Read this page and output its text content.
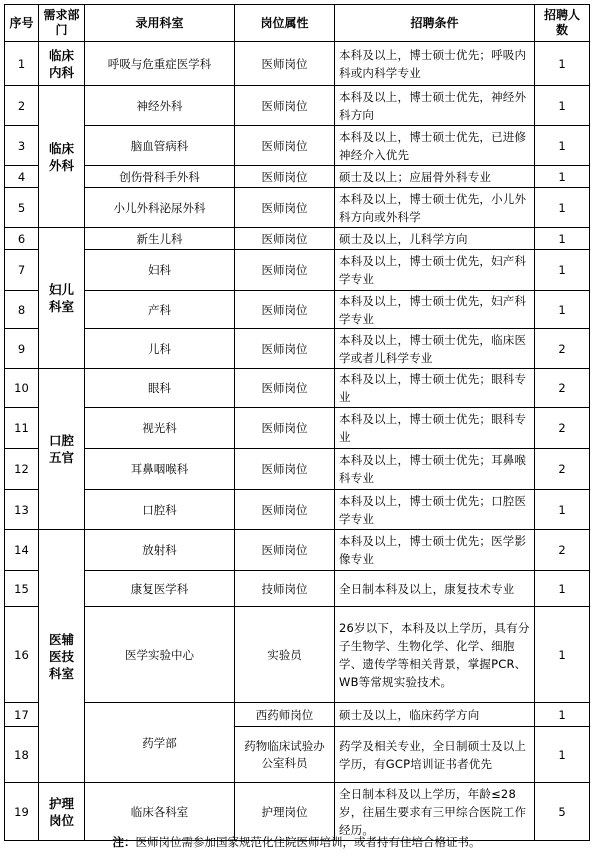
序号	需求部门	录用科室	岗位属性	招聘条件	招聘人数
1	临床内科	呼吸与危重症医学科	医师岗位	本科及以上，博士硕士优先；呼吸内科或内科学专业	1
2	临床外科	神经外科	医师岗位	本科及以上，博士硕士优先，神经外科方向	1
3		脑血管病科	医师岗位	本科及以上，博士硕士优先，已进修神经介入优先	1
4		创伤骨科手外科	医师岗位	硕士及以上；应届骨外科专业	1
5		小儿外科泌尿外科	医师岗位	本科及以上，博士硕士优先，小儿外科方向或外科学	1
6	妇儿科室	新生儿科	医师岗位	硕士及以上，儿科学方向	1
7		妇科	医师岗位	本科及以上，博士硕士优先，妇产科学专业	1
8		产科	医师岗位	本科及以上，博士硕士优先，妇产科学专业	1
9		儿科	医师岗位	本科及以上，博士硕士优先，临床医学或者儿科学专业	2
10	口腔五官	眼科	医师岗位	本科及以上，博士硕士优先；眼科专业	2
11		视光科	医师岗位	本科及以上，博士硕士优先；眼科专业	2
12		耳鼻咽喉科	医师岗位	本科及以上，博士硕士优先；耳鼻喉科专业	2
13		口腔科	医师岗位	本科及以上，博士硕士优先；口腔医学专业	1
14	医辅医技科室	放射科	医师岗位	本科及以上，博士硕士优先；医学影像专业	2
15		康复医学科	技师岗位	全日制本科及以上，康复技术专业	1
16		医学实验中心	实验员	26岁以下，本科及以上学历，具有分子生物学、生物化学、化学、细胞学、遗传学等相关背景，掌握PCR、WB等常规实验技术。	1
17		药学部	西药师岗位	硕士及以上，临床药学方向	1
18			药物临床试验办公室科员	药学及相关专业，全日制硕士及以上学历，有GCP培训证书者优先	1
19	护理岗位	临床各科室	护理岗位	全日制本科及以上学历，年龄≤28岁，往届生要求有三甲综合医院工作经历。	5
注：医师岗位需参加国家规范化住院医师培训，或者持有住培合格证书。
